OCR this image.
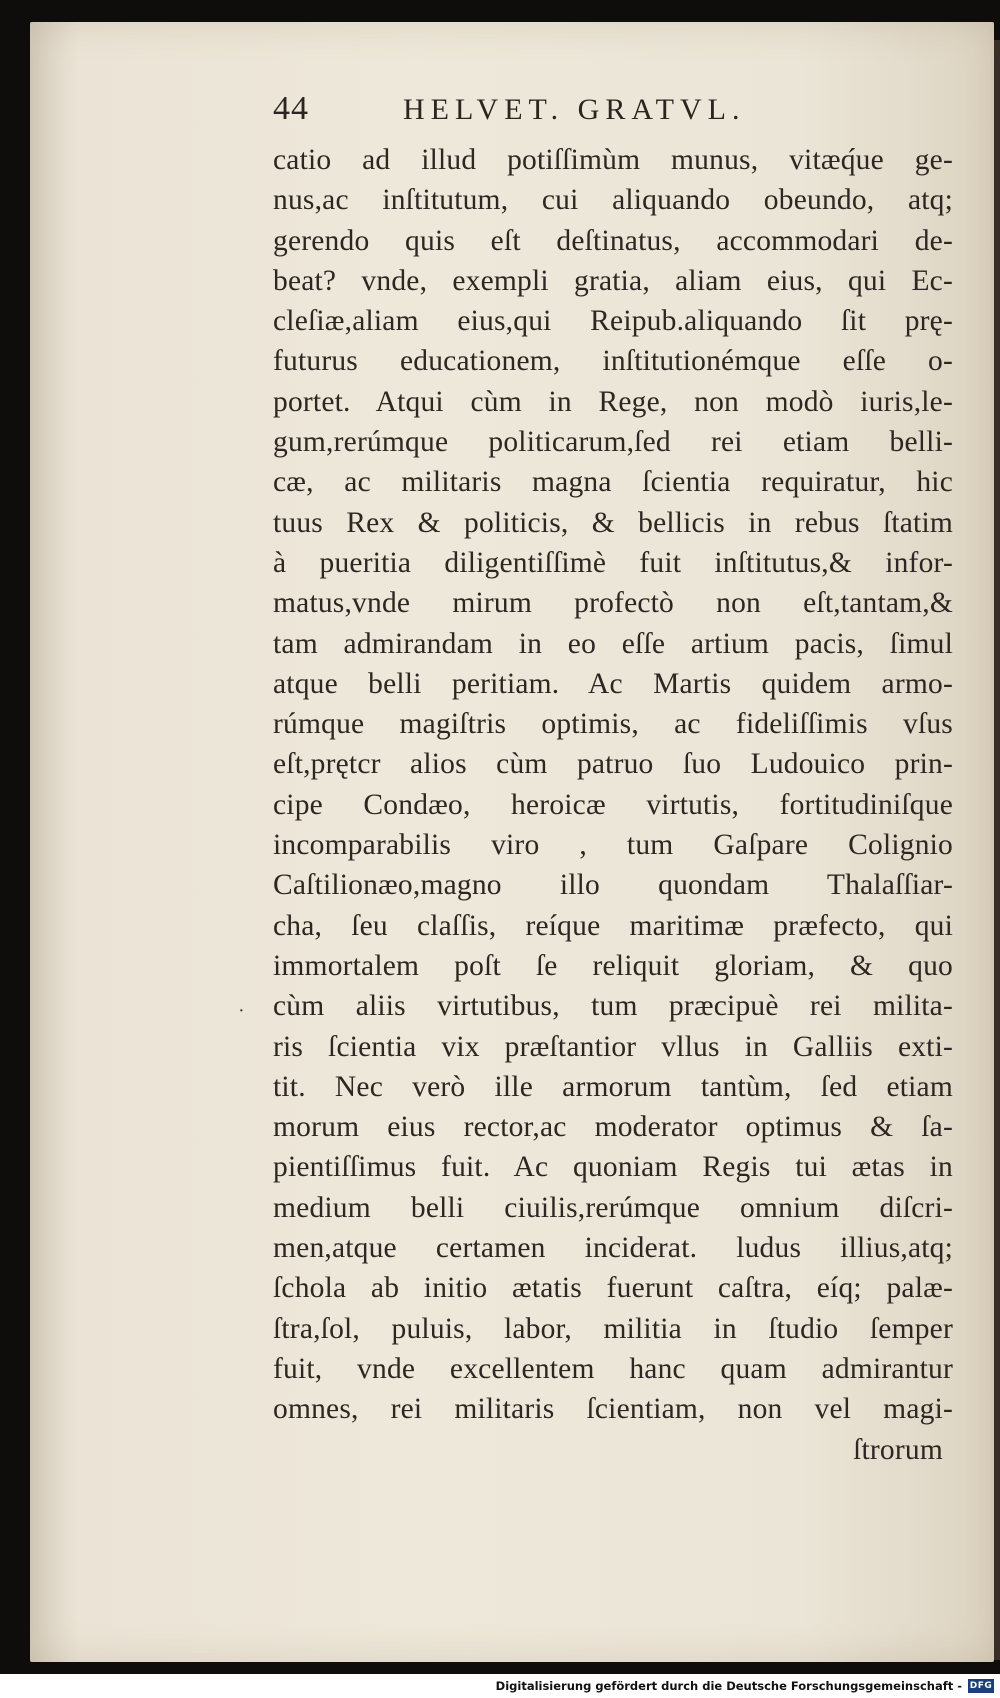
44	HELVET. GRATVL.
·
catio ad illud potiſſimùm munus, vitæq́ue ge-
nus,ac inſtitutum, cui aliquando obeundo, atq;
gerendo quis eſt deſtinatus, accommodari de-
beat? vnde, exempli gratia, aliam eius, qui Ec-
cleſiæ,aliam eius,qui Reipub.aliquando ſit prę-
futurus educationem, inſtitutionémque eſſe o-
portet. Atqui cùm in Rege, non modò iuris,le-
gum,rerúmque politicarum,ſed rei etiam belli-
cæ, ac militaris magna ſcientia requiratur, hic
tuus Rex & politicis, & bellicis in rebus ſtatim
à pueritia diligentiſſimè fuit inſtitutus,& infor-
matus,vnde mirum profectò non eſt,tantam,&
tam admirandam in eo eſſe artium pacis, ſimul
atque belli peritiam. Ac Martis quidem armo-
rúmque magiſtris optimis, ac fideliſſimis vſus
eſt,prętcr alios cùm patruo ſuo Ludouico prin-
cipe Condæo, heroicæ virtutis, fortitudiniſque
incomparabilis viro , tum Gaſpare Colignio
Caſtilionæo,magno illo quondam Thalaſſiar-
cha, ſeu claſſis, reíque maritimæ præfecto, qui
immortalem poſt ſe reliquit gloriam, & quo
cùm aliis virtutibus, tum præcipuè rei milita-
ris ſcientia vix præſtantior vllus in Galliis exti-
tit. Nec verò ille armorum tantùm, ſed etiam
morum eius rector,ac moderator optimus & ſa-
pientiſſimus fuit. Ac quoniam Regis tui ætas in
medium belli ciuilis,rerúmque omnium diſcri-
men,atque certamen inciderat. ludus illius,atq;
ſchola ab initio ætatis fuerunt caſtra, eíq; palæ-
ſtra,ſol, puluis, labor, militia in ſtudio ſemper
fuit, vnde excellentem hanc quam admirantur
omnes, rei militaris ſcientiam, non vel magi-
ſtrorum
Digitalisierung gefördert durch die Deutsche Forschungsgemeinschaft - DFG
